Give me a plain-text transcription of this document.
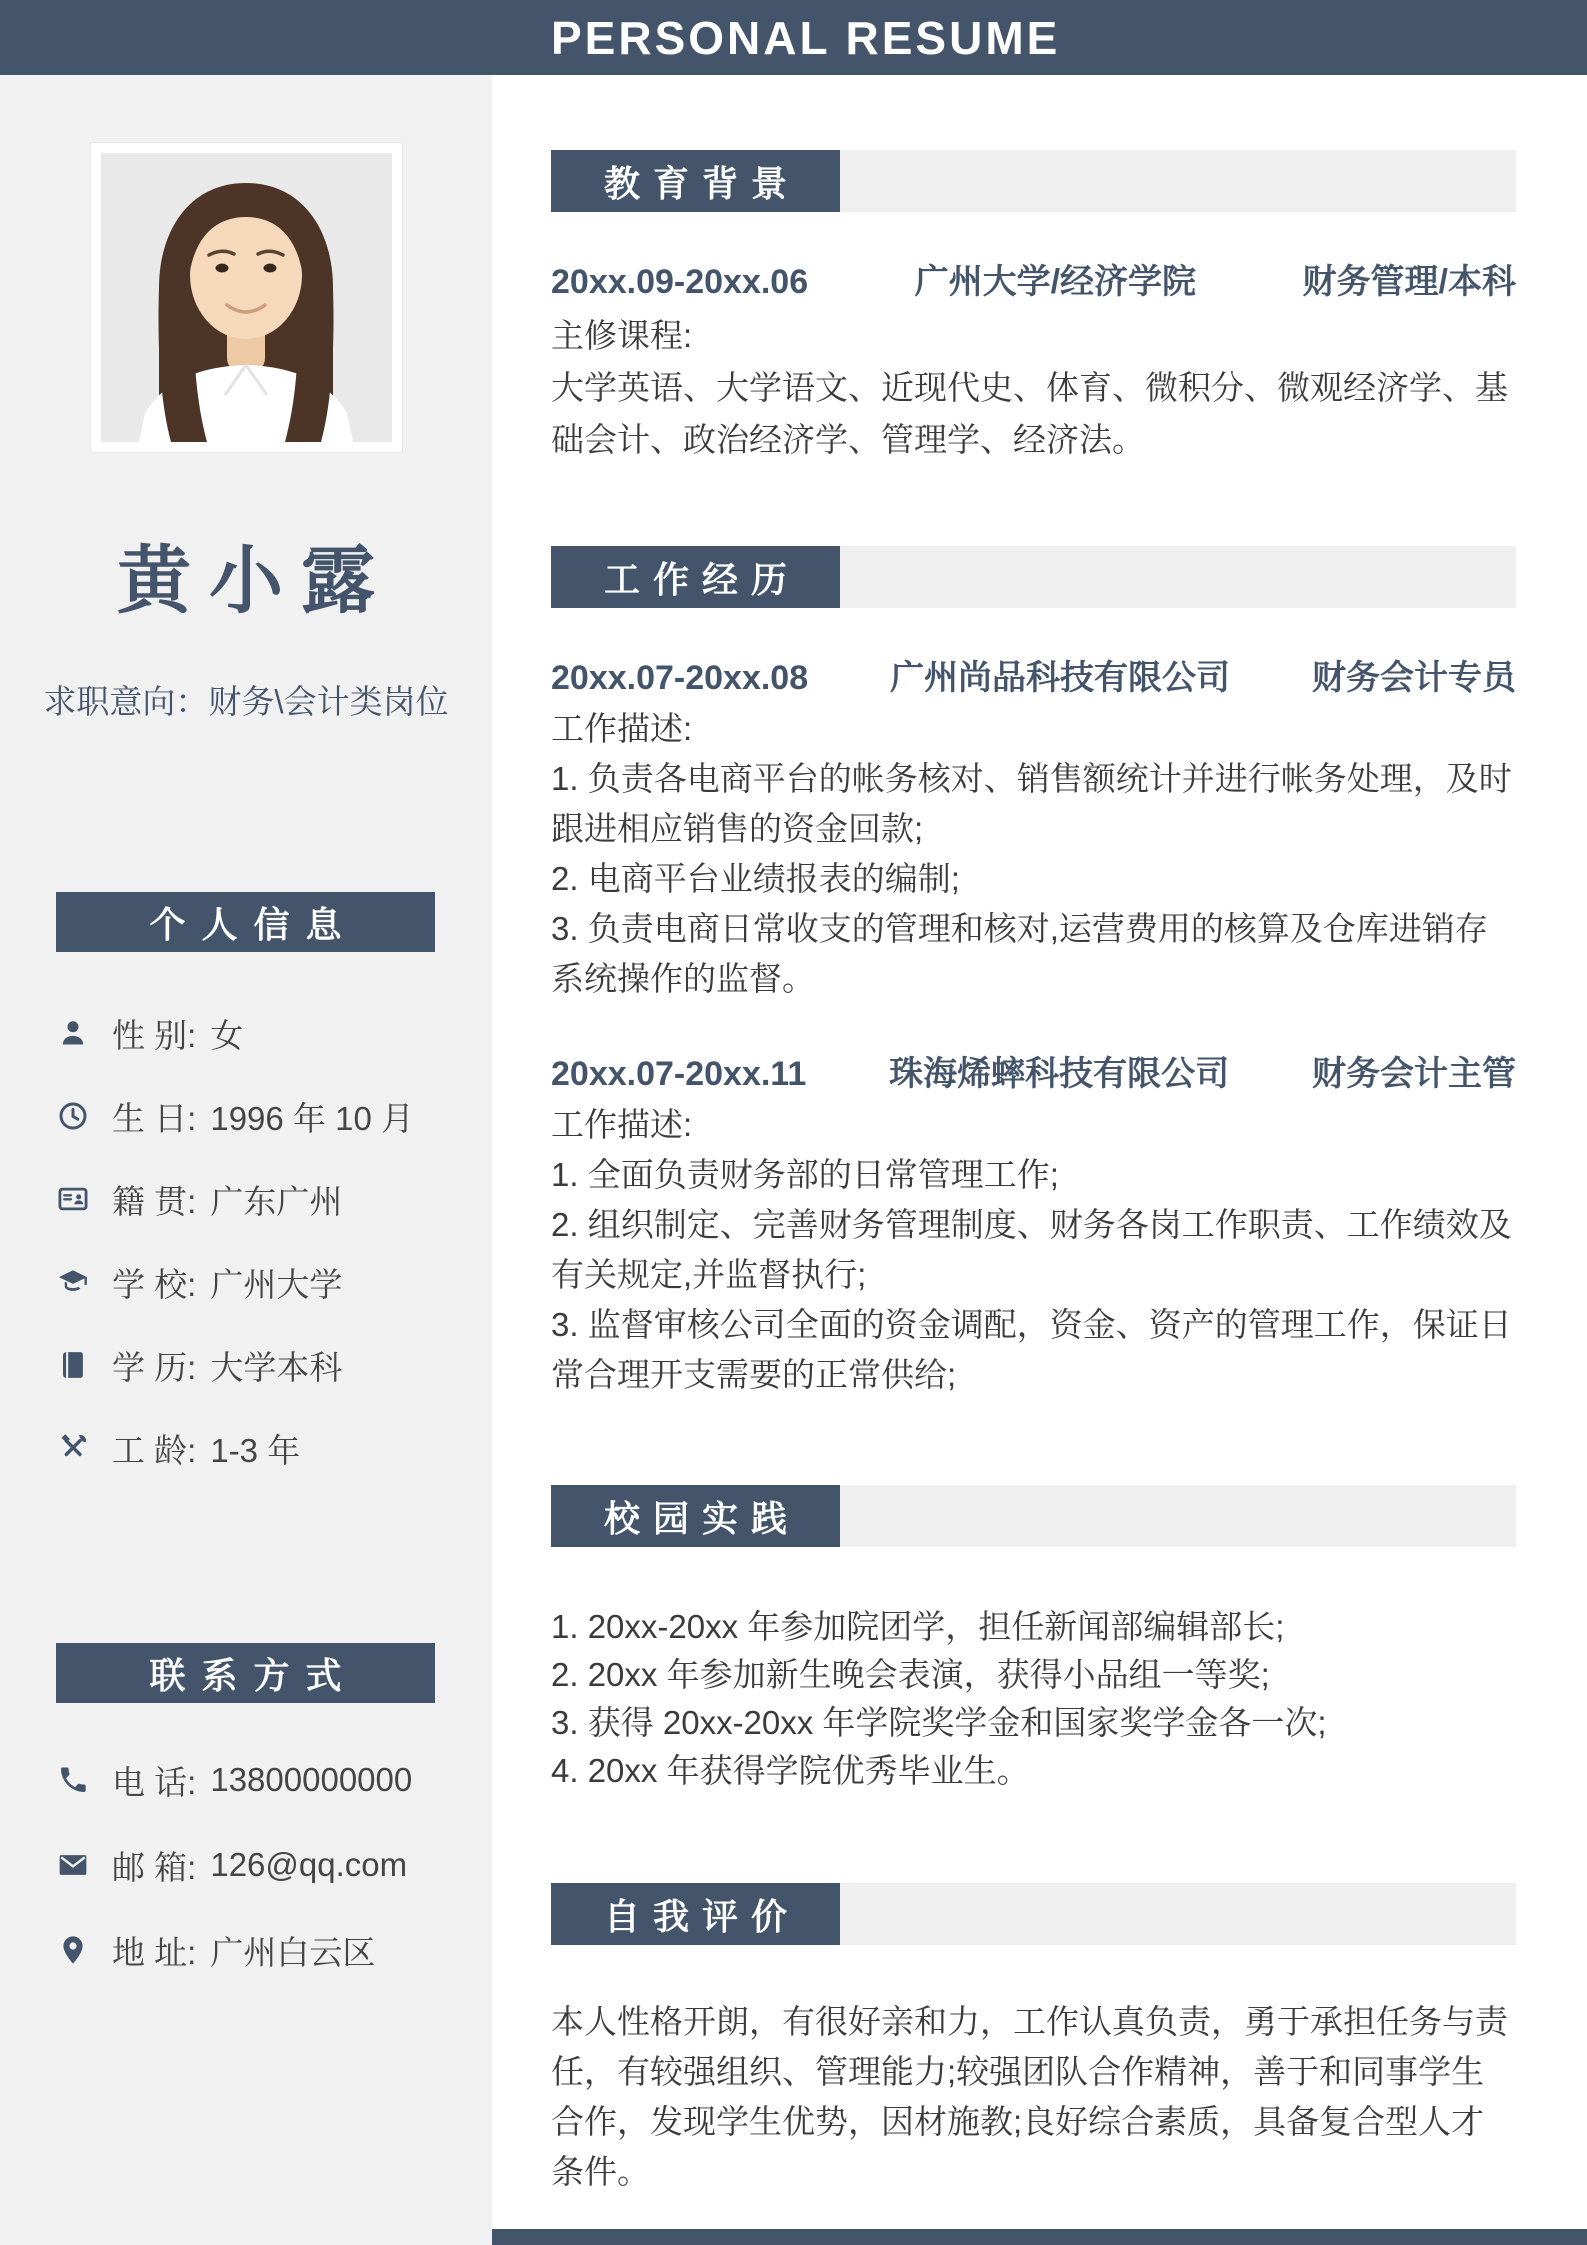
PERSONAL RESUME
黄小露
求职意向：财务\会计类岗位
个人信息
性 别: 女
生 日: 1996 年 10 月
籍 贯: 广东广州
学 校: 广州大学
学 历: 大学本科
工 龄: 1-3 年
联系方式
电 话: 13800000000
邮 箱: 126@qq.com
地 址: 广州白云区
教育背景
20xx.09-20xx.06	广州大学/经济学院	财务管理/本科

主修课程:

大学英语、大学语文、近现代史、体育、微积分、微观经济学、基础会计、政治经济学、管理学、经济法。

工作经历
20xx.07-20xx.08	广州尚品科技有限公司	财务会计专员

工作描述:

1. 负责各电商平台的帐务核对、销售额统计并进行帐务处理，及时跟进相应销售的资金回款;

2. 电商平台业绩报表的编制;

3. 负责电商日常收支的管理和核对,运营费用的核算及仓库进销存系统操作的监督。

20xx.07-20xx.11	珠海烯蟀科技有限公司	财务会计主管

工作描述:

1. 全面负责财务部的日常管理工作;

2. 组织制定、完善财务管理制度、财务各岗工作职责、工作绩效及有关规定,并监督执行;

3. 监督审核公司全面的资金调配，资金、资产的管理工作，保证日常合理开支需要的正常供给;

校园实践

1. 20xx-20xx 年参加院团学，担任新闻部编辑部长;

2. 20xx 年参加新生晚会表演，获得小品组一等奖;

3. 获得 20xx-20xx 年学院奖学金和国家奖学金各一次;

4. 20xx 年获得学院优秀毕业生。

自我评价

本人性格开朗，有很好亲和力，工作认真负责，勇于承担任务与责任，有较强组织、管理能力;较强团队合作精神，善于和同事学生合作，发现学生优势，因材施教;良好综合素质，具备复合型人才条件。
